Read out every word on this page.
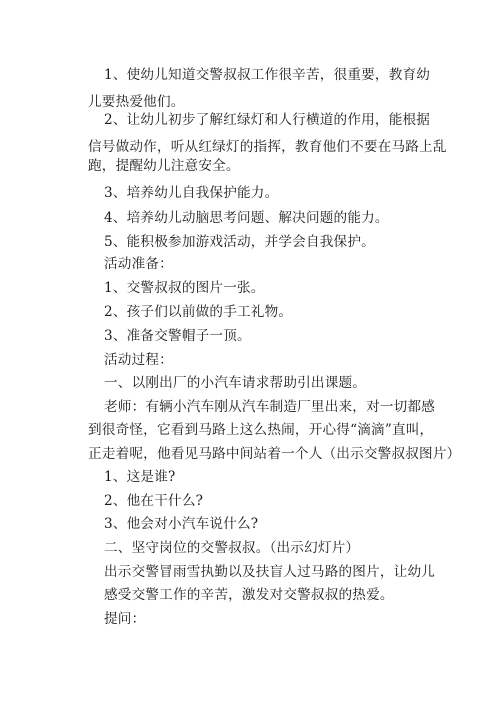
1、使幼儿知道交警叔叔工作很辛苦，很重要，教育幼
儿要热爱他们。
2、让幼儿初步了解红绿灯和人行横道的作用，能根据
信号做动作，听从红绿灯的指挥，教育他们不要在马路上乱
跑，提醒幼儿注意安全。
3、培养幼儿自我保护能力。
4、培养幼儿动脑思考问题、解决问题的能力。
5、能积极参加游戏活动，并学会自我保护。
活动准备：
1、交警叔叔的图片一张。
2、孩子们以前做的手工礼物。
3、准备交警帽子一顶。
活动过程：
一、以刚出厂的小汽车请求帮助引出课题。
老师：有辆小汽车刚从汽车制造厂里出来，对一切都感
到很奇怪，它看到马路上这么热闹，开心得“滴滴”直叫，
正走着呢，他看见马路中间站着一个人（出示交警叔叔图片）
1、这是谁?
2、他在干什么?
3、他会对小汽车说什么?
二、坚守岗位的交警叔叔。（出示幻灯片）
出示交警冒雨雪执勤以及扶盲人过马路的图片，让幼儿
感受交警工作的辛苦，激发对交警叔叔的热爱。
提问：
